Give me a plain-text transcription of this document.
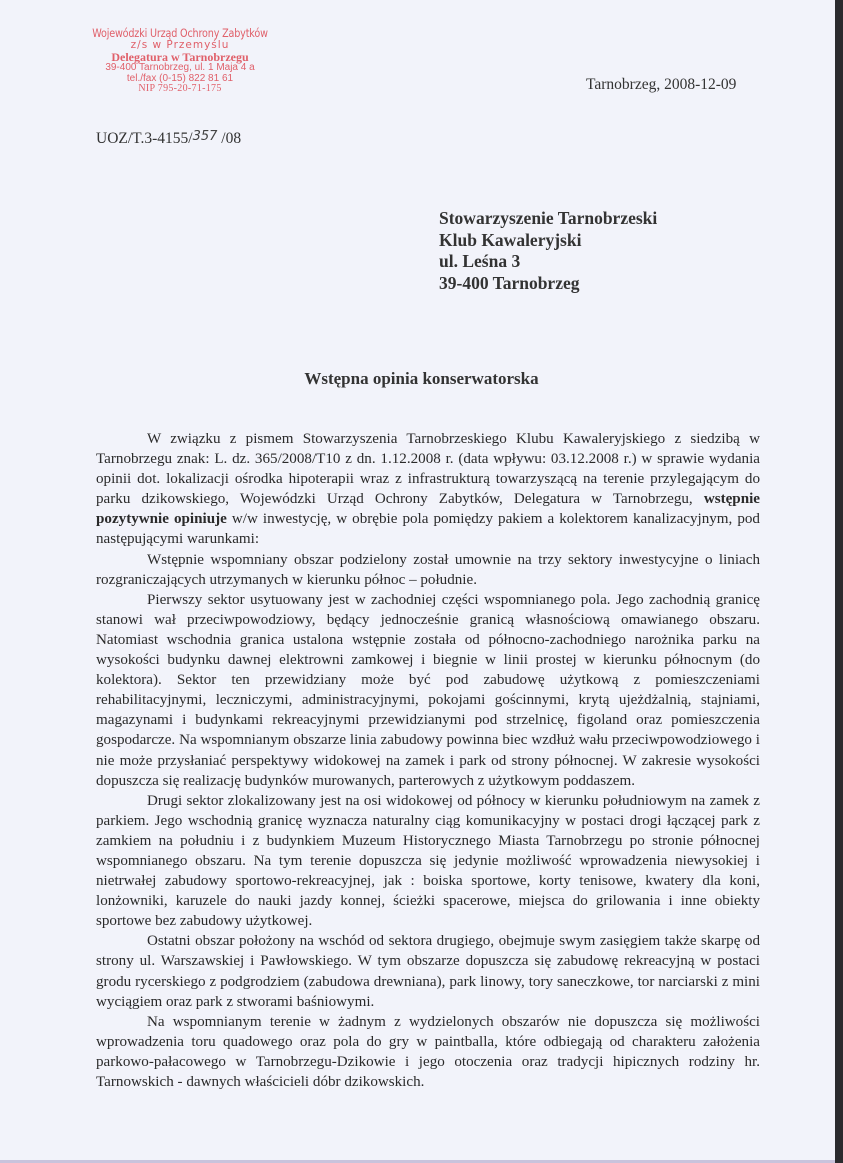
Wojewódzki Urząd Ochrony Zabytków
z/s w Przemyślu
Delegatura w Tarnobrzegu
39-400 Tarnobrzeg, ul. 1 Maja 4 a
tel./fax (0-15) 822 81 61
NIP 795-20-71-175	Tarnobrzeg, 2008-12-09
UOZ/T.3-4155/357 /08
Stowarzyszenie Tarnobrzeski
Klub Kawaleryjski
ul. Leśna 3
39-400 Tarnobrzeg
Wstępna opinia konserwatorska

W związku z pismem Stowarzyszenia Tarnobrzeskiego Klubu Kawaleryjskiego z siedzibą w Tarnobrzegu znak: L. dz. 365/2008/T10 z dn. 1.12.2008 r. (data wpływu: 03.12.2008 r.) w sprawie wydania opinii dot. lokalizacji ośrodka hipoterapii wraz z infrastrukturą towarzyszącą na terenie przylegającym do parku dzikowskiego, Wojewódzki Urząd Ochrony Zabytków, Delegatura w Tarnobrzegu, wstępnie pozytywnie opiniuje w/w inwestycję, w obrębie pola pomiędzy pakiem a kolektorem kanalizacyjnym, pod następującymi warunkami:

Wstępnie wspomniany obszar podzielony został umownie na trzy sektory inwestycyjne o liniach rozgraniczających utrzymanych w kierunku północ – południe.

Pierwszy sektor usytuowany jest w zachodniej części wspomnianego pola. Jego zachodnią granicę stanowi wał przeciwpowodziowy, będący jednocześnie granicą własnościową omawianego obszaru. Natomiast wschodnia granica ustalona wstępnie została od północno-zachodniego narożnika parku na wysokości budynku dawnej elektrowni zamkowej i biegnie w linii prostej w kierunku północnym (do kolektora). Sektor ten przewidziany może być pod zabudowę użytkową z pomieszczeniami rehabilitacyjnymi, leczniczymi, administracyjnymi, pokojami gościnnymi, krytą ujeżdżalnią, stajniami, magazynami i budynkami rekreacyjnymi przewidzianymi pod strzelnicę, figoland oraz pomieszczenia gospodarcze. Na wspomnianym obszarze linia zabudowy powinna biec wzdłuż wału przeciwpowodziowego i nie może przysłaniać perspektywy widokowej na zamek i park od strony północnej. W zakresie wysokości dopuszcza się realizację budynków murowanych, parterowych z użytkowym poddaszem.

Drugi sektor zlokalizowany jest na osi widokowej od północy w kierunku południowym na zamek z parkiem. Jego wschodnią granicę wyznacza naturalny ciąg komunikacyjny w postaci drogi łączącej park z zamkiem na południu i z budynkiem Muzeum Historycznego Miasta Tarnobrzegu po stronie północnej wspomnianego obszaru. Na tym terenie dopuszcza się jedynie możliwość wprowadzenia niewysokiej i nietrwałej zabudowy sportowo-rekreacyjnej, jak : boiska sportowe, korty tenisowe, kwatery dla koni, lonżowniki, karuzele do nauki jazdy konnej, ścieżki spacerowe, miejsca do grilowania i inne obiekty sportowe bez zabudowy użytkowej.

Ostatni obszar położony na wschód od sektora drugiego, obejmuje swym zasięgiem także skarpę od strony ul. Warszawskiej i Pawłowskiego. W tym obszarze dopuszcza się zabudowę rekreacyjną w postaci grodu rycerskiego z podgrodziem (zabudowa drewniana), park linowy, tory saneczkowe, tor narciarski z mini wyciągiem oraz park z stworami baśniowymi.

Na wspomnianym terenie w żadnym z wydzielonych obszarów nie dopuszcza się możliwości wprowadzenia toru quadowego oraz pola do gry w paintballa, które odbiegają od charakteru założenia parkowo-pałacowego w Tarnobrzegu-Dzikowie i jego otoczenia oraz tradycji hipicznych rodziny hr. Tarnowskich - dawnych właścicieli dóbr dzikowskich.
